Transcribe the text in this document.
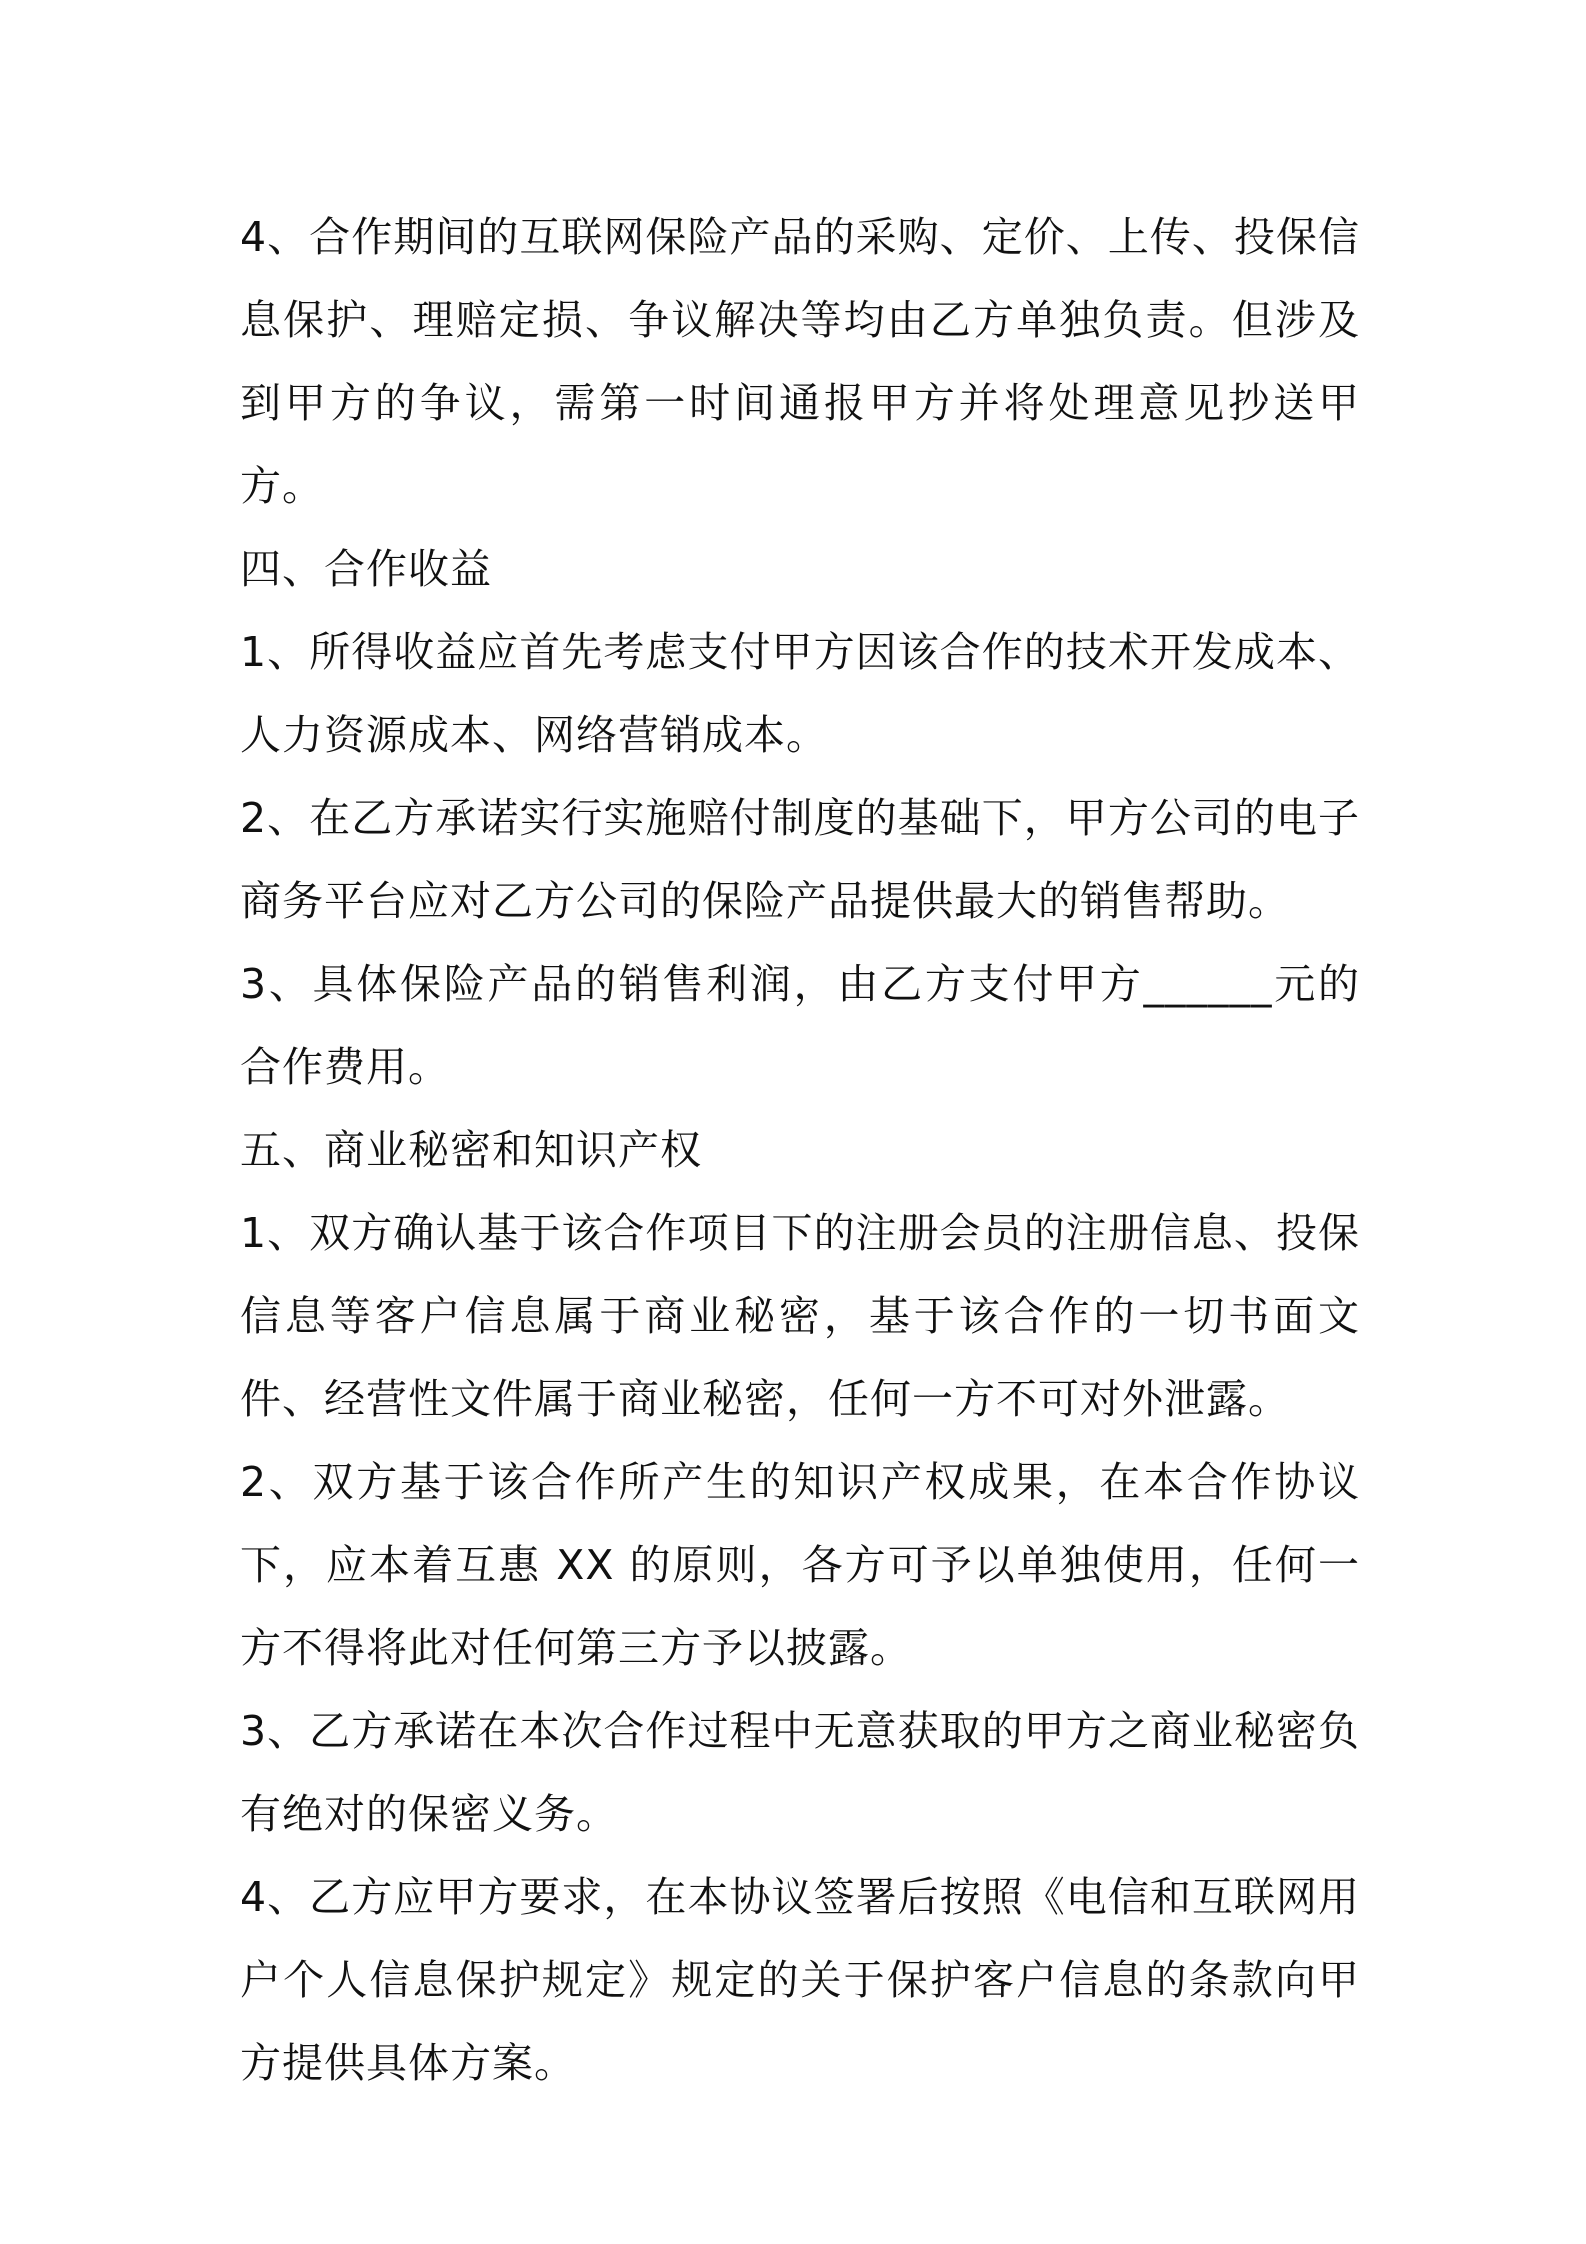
4、合作期间的互联网保险产品的采购、定价、上传、投保信息保护、理赔定损、争议解决等均由乙方单独负责。但涉及到甲方的争议，需第一时间通报甲方并将处理意见抄送甲方。

四、合作收益

1、所得收益应首先考虑支付甲方因该合作的技术开发成本、人力资源成本、网络营销成本。

2、在乙方承诺实行实施赔付制度的基础下，甲方公司的电子商务平台应对乙方公司的保险产品提供最大的销售帮助。

3、具体保险产品的销售利润，由乙方支付甲方______元的合作费用。

五、商业秘密和知识产权

1、双方确认基于该合作项目下的注册会员的注册信息、投保信息等客户信息属于商业秘密，基于该合作的一切书面文件、经营性文件属于商业秘密，任何一方不可对外泄露。

2、双方基于该合作所产生的知识产权成果，在本合作协议下，应本着互惠 XX 的原则，各方可予以单独使用，任何一方不得将此对任何第三方予以披露。

3、乙方承诺在本次合作过程中无意获取的甲方之商业秘密负有绝对的保密义务。

4、乙方应甲方要求，在本协议签署后按照《电信和互联网用户个人信息保护规定》规定的关于保护客户信息的条款向甲方提供具体方案。
